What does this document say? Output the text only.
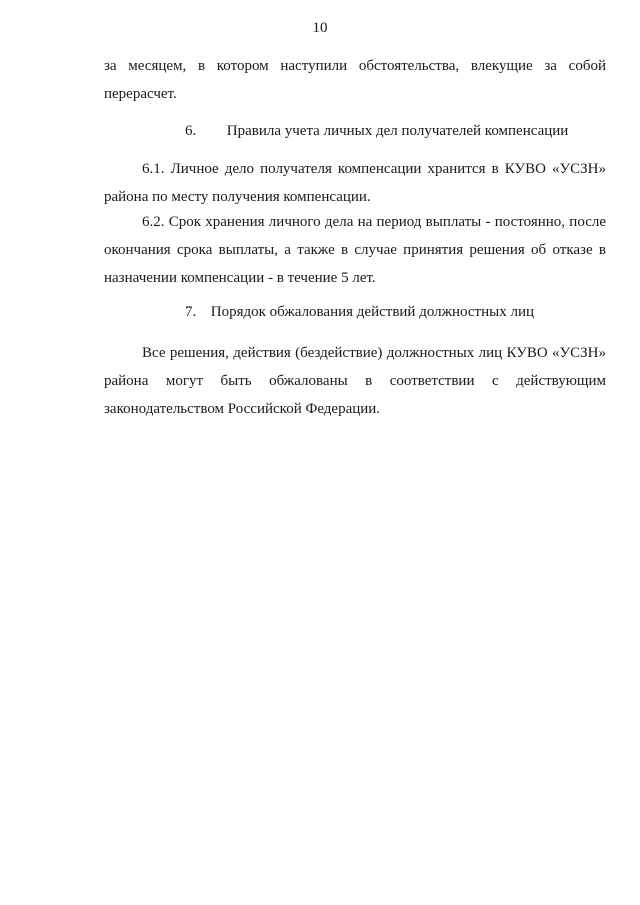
10
за месяцем, в котором наступили обстоятельства, влекущие за собой
перерасчет.
6. Правила учета личных дел получателей компенсации
6.1. Личное дело получателя компенсации хранится в КУВО «УСЗН»
района по месту получения компенсации.
6.2. Срок хранения личного дела на период выплаты - постоянно, после
окончания срока выплаты, а также в случае принятия решения об отказе в
назначении компенсации - в течение 5 лет.
7. Порядок обжалования действий должностных лиц
Все решения, действия (бездействие) должностных лиц КУВО «УСЗН»
района могут быть обжалованы в соответствии с действующим
законодательством Российской Федерации.
